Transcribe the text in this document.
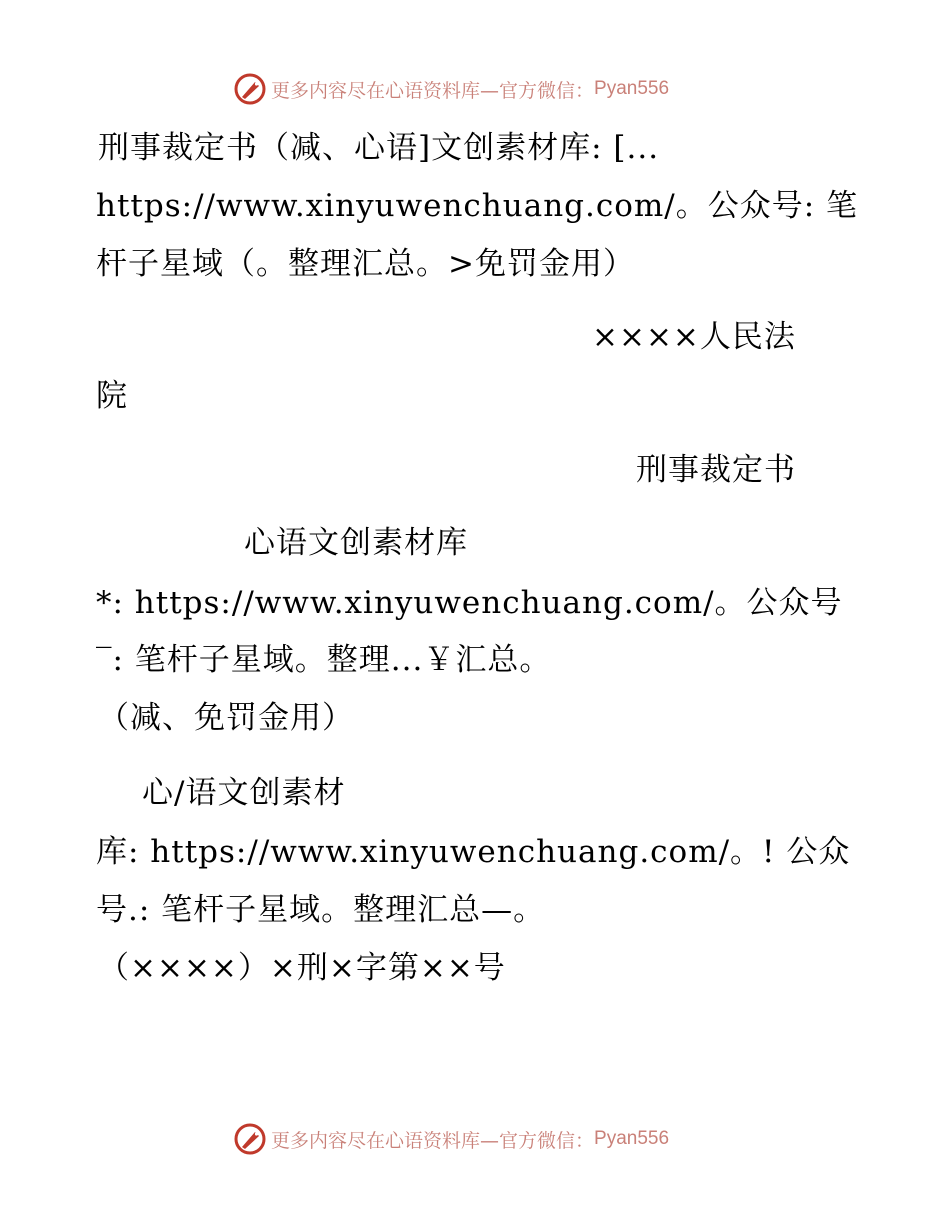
更多内容尽在心语资料库 —官方微信： Pyan556
刑事裁定书（减、心语]文创素材库: [...
https://www.xinyuwenchuang.com/。公众号: 笔
杆子星域（。整理汇总。>免罚金用）
××××人民法
院
刑事裁定书
心语文创素材库
*: https://www.xinyuwenchuang.com/。公众号
‾: 笔杆子星域。整理...￥汇总。
（减、免罚金用）
心/语文创素材
库: https://www.xinyuwenchuang.com/。! 公众
号.: 笔杆子星域。整理汇总—。
（××××）×刑×字第××号
更多内容尽在心语资料库 —官方微信： Pyan556
